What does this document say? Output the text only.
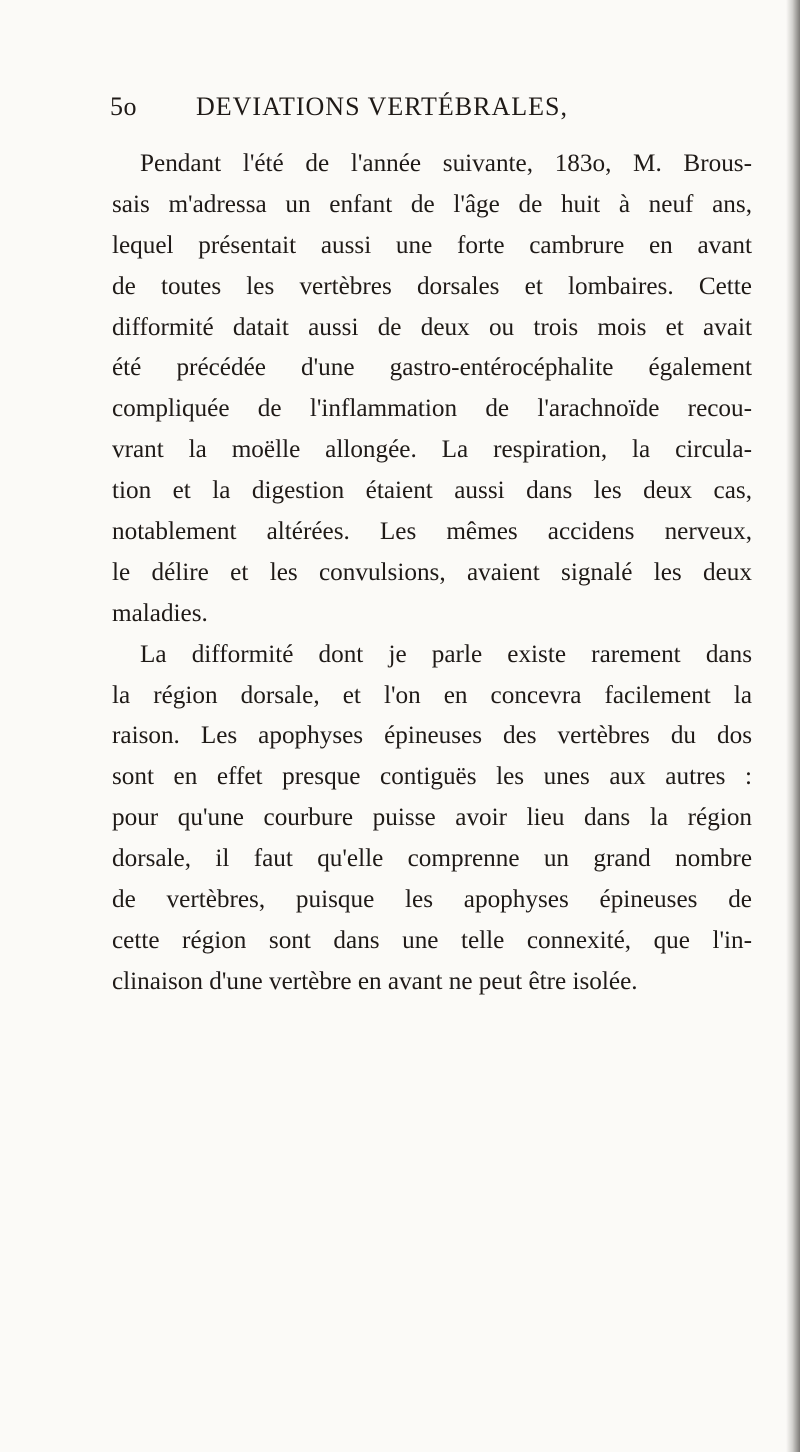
5o DEVIATIONS VERTÉBRALES,
Pendant l'été de l'année suivante, 183o, M. Brous-
sais m'adressa un enfant de l'âge de huit à neuf ans,
lequel présentait aussi une forte cambrure en avant
de toutes les vertèbres dorsales et lombaires. Cette
difformité datait aussi de deux ou trois mois et avait
été précédée d'une gastro-entérocéphalite également
compliquée de l'inflammation de l'arachnoïde recou-
vrant la moëlle allongée. La respiration, la circula-
tion et la digestion étaient aussi dans les deux cas,
notablement altérées. Les mêmes accidens nerveux,
le délire et les convulsions, avaient signalé les deux
maladies.
La difformité dont je parle existe rarement dans
la région dorsale, et l'on en concevra facilement la
raison. Les apophyses épineuses des vertèbres du dos
sont en effet presque contiguës les unes aux autres :
pour qu'une courbure puisse avoir lieu dans la région
dorsale, il faut qu'elle comprenne un grand nombre
de vertèbres, puisque les apophyses épineuses de
cette région sont dans une telle connexité, que l'in-
clinaison d'une vertèbre en avant ne peut être isolée.
